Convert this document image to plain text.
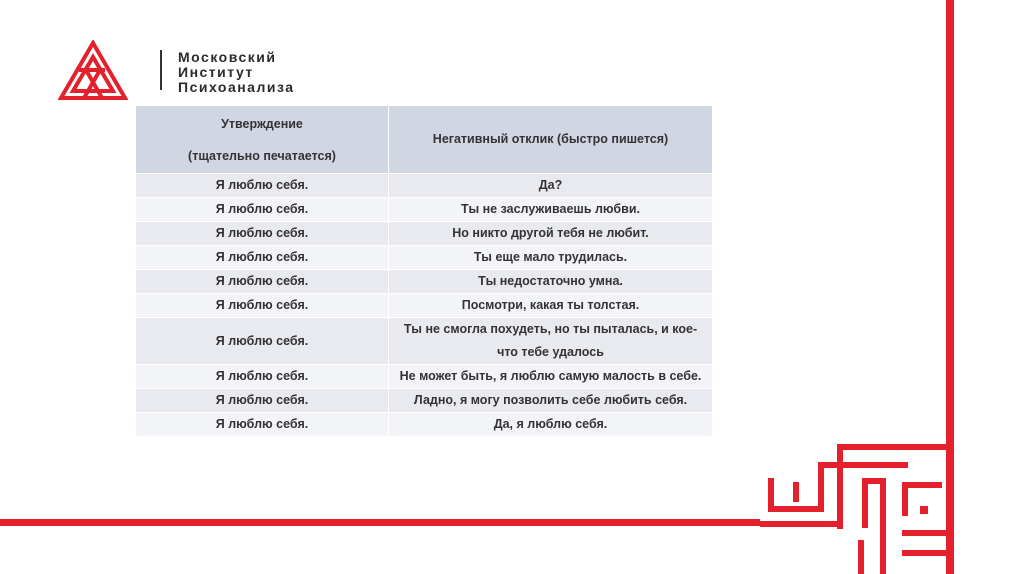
Московский
Институт
Психоанализа
Утверждение
(тщательно печатается)	Негативный отклик (быстро пишется)
Я люблю себя.	Да?
Я люблю себя.	Ты не заслуживаешь любви.
Я люблю себя.	Но никто другой тебя не любит.
Я люблю себя.	Ты еще мало трудилась.
Я люблю себя.	Ты недостаточно умна.
Я люблю себя.	Посмотри, какая ты толстая.
Я люблю себя.	Ты не смогла похудеть, но ты пыталась, и кое-что тебе удалось
Я люблю себя.	Не может быть, я люблю самую малость в себе.
Я люблю себя.	Ладно, я могу позволить себе любить себя.
Я люблю себя.	Да, я люблю себя.
